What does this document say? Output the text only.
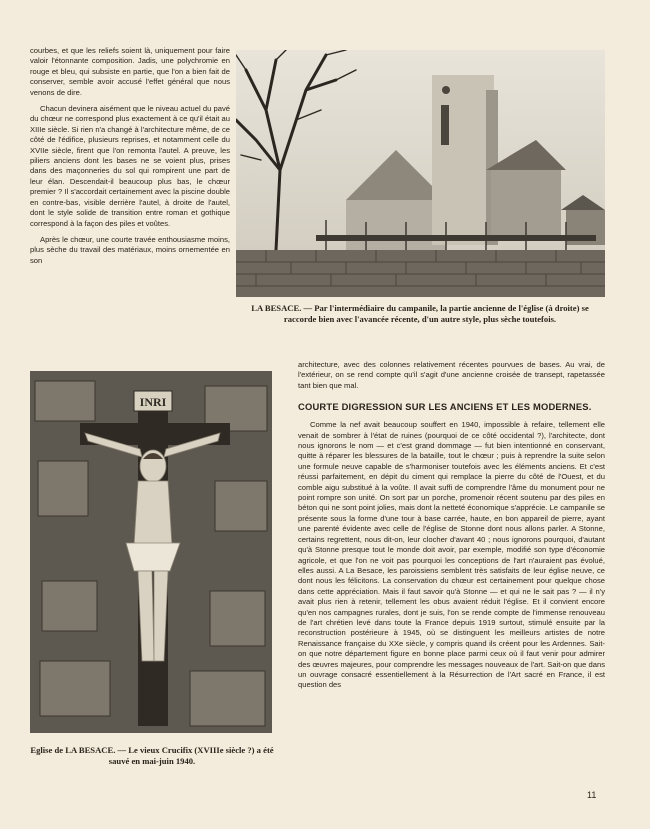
courbes, et que les reliefs soient là, uniquement pour faire valoir l'étonnante composition. Jadis, une polychromie en rouge et bleu, qui subsiste en partie, que l'on a bien fait de conserver, semble avoir accusé l'effet général que nous venons de dire.

Chacun devinera aisément que le niveau actuel du pavé du chœur ne correspond plus exactement à ce qu'il était au XIIIe siècle. Si rien n'a changé à l'architecture même, de ce côté de l'édifice, plusieurs reprises, et notamment celle du XVIIe siècle, firent que l'on remonta l'autel. A preuve, les piliers anciens dont les bases ne se voient plus, prises dans des maçonneries du sol qui rompirent une part de leur élan. Descendait-il beaucoup plus bas, le chœur premier ? Il s'accordait certainement avec la piscine double en contre-bas, visible derrière l'autel, à droite de l'autel, dont le style solide de transition entre roman et gothique correspond à la façon des piles et voûtes.

Après le chœur, une courte travée enthousiasme moins, plus sèche du travail des matériaux, moins ornementée en son

LA BESACE. — Par l'intermédiaire du campanile, la partie ancienne de l'église (à droite) se raccorde bien avec l'avancée récente, d'un autre style, plus sèche toutefois.
INRI
Eglise de LA BESACE. — Le vieux Crucifix (XVIIIe siècle ?) a été sauvé en mai-juin 1940.

architecture, avec des colonnes relativement récentes pourvues de bases. Au vrai, de l'extérieur, on se rend compte qu'il s'agit d'une ancienne croisée de transept, rapetassée tant bien que mal.

COURTE DIGRESSION SUR LES ANCIENS ET LES MODERNES.

Comme la nef avait beaucoup souffert en 1940, impossible à refaire, tellement elle venait de sombrer à l'état de ruines (pourquoi de ce côté occidental ?), l'architecte, dont nous ignorons le nom — et c'est grand dommage — fut bien intentionné en conservant, quitte à réparer les blessures de la bataille, tout le chœur ; puis à reprendre la suite selon une formule neuve capable de s'harmoniser toutefois avec les éléments anciens. Et c'est réussi parfaitement, en dépit du ciment qui remplace la pierre du côté de l'Ouest, et du comble aigu substitué à la voûte. Il avait suffi de comprendre l'âme du monument pour ne point rompre son unité. On sort par un porche, promenoir récent soutenu par des piles en béton qui ne sont point jolies, mais dont la netteté économique s'apprécie. Le campanile se présente sous la forme d'une tour à base carrée, haute, en bon appareil de pierre, ayant une parenté évidente avec celle de l'église de Stonne dont nous allons parler. A Stonne, certains regrettent, nous dit-on, leur clocher d'avant 40 ; nous ignorons pourquoi, d'autant qu'à Stonne presque tout le monde doit avoir, par exemple, modifié son type d'économie agricole, et que l'on ne voit pas pourquoi les conceptions de l'art n'auraient pas évolué, elles aussi. A La Besace, les paroissiens semblent très satisfaits de leur église neuve, ce dont nous les félicitons. La conservation du chœur est certainement pour quelque chose dans cette appréciation. Mais il faut savoir qu'à Stonne — et qui ne le sait pas ? — il n'y avait plus rien à retenir, tellement les obus avaient réduit l'église. Et il convient encore qu'en nos campagnes rurales, dont je suis, l'on se rende compte de l'immense renouveau de l'art chrétien levé dans toute la France depuis 1919 surtout, stimulé ensuite par la reconstruction postérieure à 1945, où se distinguent les meilleurs artistes de notre Renaissance française du XXe siècle, y compris quand ils créent pour les Ardennes. Sait-on que notre département figure en bonne place parmi ceux où il faut venir pour admirer des œuvres majeures, pour comprendre les messages nouveaux de l'art. Sait-on que dans un ouvrage consacré essentiellement à la Résurrection de l'Art sacré en France, il est question des

11
